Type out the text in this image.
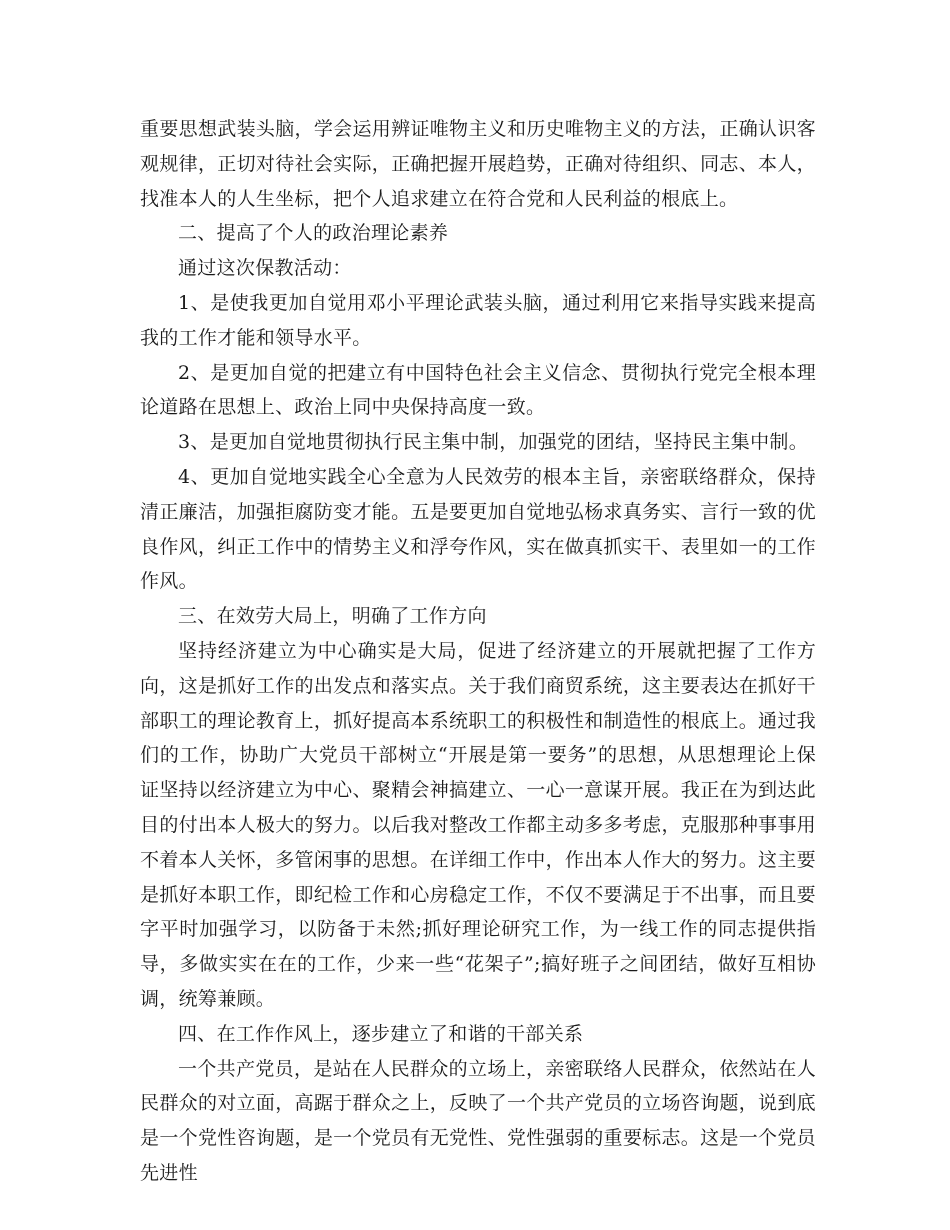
重要思想武装头脑，学会运用辨证唯物主义和历史唯物主义的方法，正确认识客观规律，正切对待社会实际，正确把握开展趋势，正确对待组织、同志、本人，找准本人的人生坐标，把个人追求建立在符合党和人民利益的根底上。

二、提高了个人的政治理论素养

通过这次保教活动：

1、是使我更加自觉用邓小平理论武装头脑，通过利用它来指导实践来提高我的工作才能和领导水平。

2、是更加自觉的把建立有中国特色社会主义信念、贯彻执行党完全根本理论道路在思想上、政治上同中央保持高度一致。

3、是更加自觉地贯彻执行民主集中制，加强党的团结，坚持民主集中制。

4、更加自觉地实践全心全意为人民效劳的根本主旨，亲密联络群众，保持清正廉洁，加强拒腐防变才能。五是要更加自觉地弘杨求真务实、言行一致的优良作风，纠正工作中的情势主义和浮夸作风，实在做真抓实干、表里如一的工作作风。

三、在效劳大局上，明确了工作方向

坚持经济建立为中心确实是大局，促进了经济建立的开展就把握了工作方向，这是抓好工作的出发点和落实点。关于我们商贸系统，这主要表达在抓好干部职工的理论教育上，抓好提高本系统职工的积极性和制造性的根底上。通过我们的工作，协助广大党员干部树立“开展是第一要务”的思想，从思想理论上保证坚持以经济建立为中心、聚精会神搞建立、一心一意谋开展。我正在为到达此目的付出本人极大的努力。以后我对整改工作都主动多多考虑，克服那种事事用不着本人关怀，多管闲事的思想。在详细工作中，作出本人作大的努力。这主要是抓好本职工作，即纪检工作和心房稳定工作，不仅不要满足于不出事，而且要字平时加强学习，以防备于未然;抓好理论研究工作，为一线工作的同志提供指导，多做实实在在的工作，少来一些“花架子”;搞好班子之间团结，做好互相协调，统筹兼顾。

四、在工作作风上，逐步建立了和谐的干部关系

一个共产党员，是站在人民群众的立场上，亲密联络人民群众，依然站在人民群众的对立面，高踞于群众之上，反映了一个共产党员的立场咨询题，说到底是一个党性咨询题，是一个党员有无党性、党性强弱的重要标志。这是一个党员先进性
